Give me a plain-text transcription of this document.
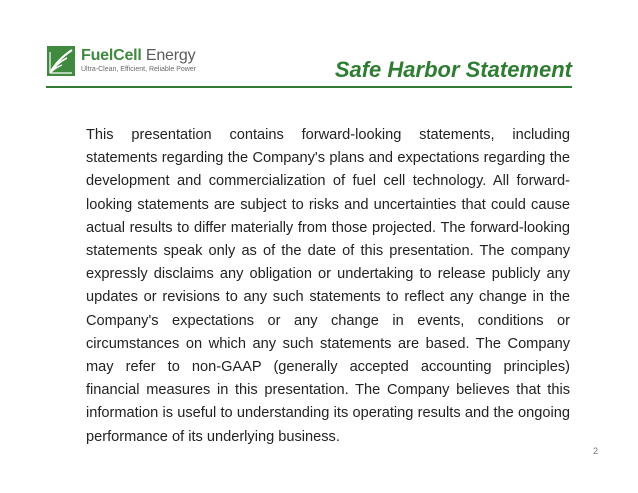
FuelCell Energy
Ultra-Clean, Efficient, Reliable Power	Safe Harbor Statement

This presentation contains forward-looking statements, including statements regarding the Company's plans and expectations regarding the development and commercialization of fuel cell technology. All forward-looking statements are subject to risks and uncertainties that could cause actual results to differ materially from those projected. The forward-looking statements speak only as of the date of this presentation. The company expressly disclaims any obligation or undertaking to release publicly any updates or revisions to any such statements to reflect any change in the Company's expectations or any change in events, conditions or circumstances on which any such statements are based. The Company may refer to non-GAAP (generally accepted accounting principles) financial measures in this presentation. The Company believes that this information is useful to understanding its operating results and the ongoing performance of its underlying business.

2
